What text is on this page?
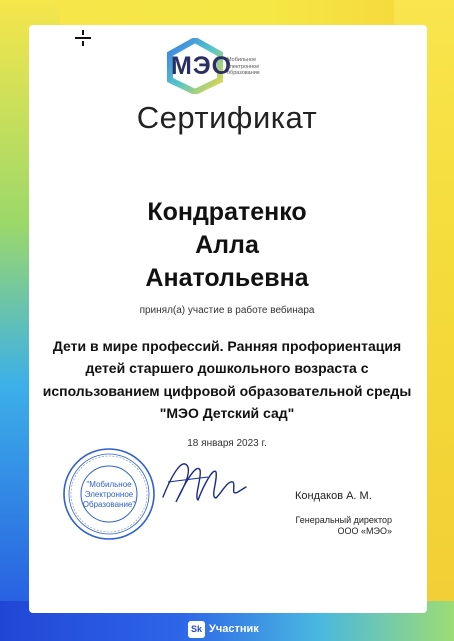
МЭО
Мобильное
электронное
образование
Сертификат
Кондратенко
Алла
Анатольевна
принял(а) участие в работе вебинара
Дети в мире профессий. Ранняя профориентация
детей старшего дошкольного возраста с
использованием цифровой образовательной среды
"МЭО Детский сад"
18 января 2023 г.
"Мобильное
Электронное
Образование"
Кондаков А. М.
Генеральный директор
ООО «МЭО»
Sk Участник
